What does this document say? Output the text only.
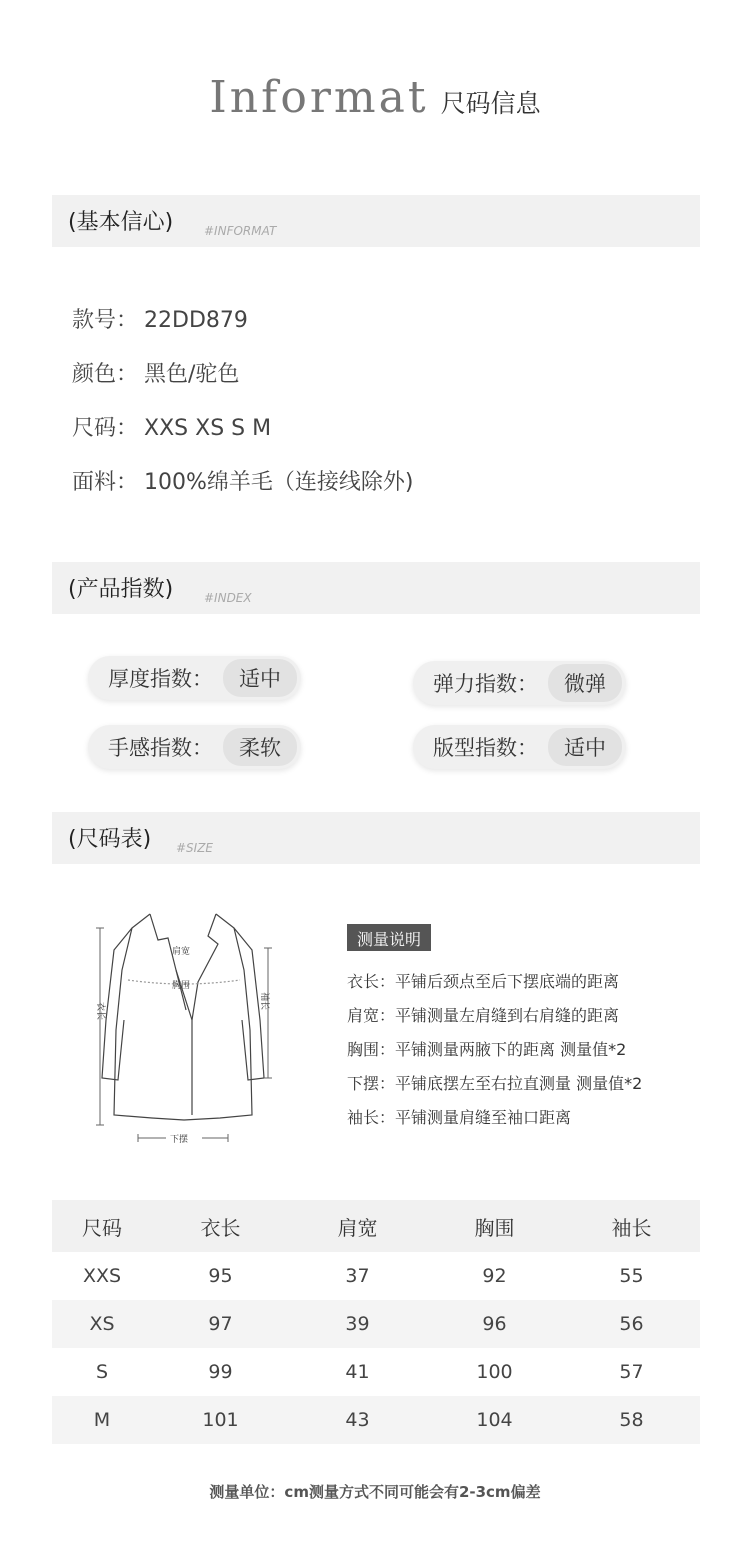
Informat 尺码信息
(基本信心)	#INFORMAT
款号： 22DD879
颜色： 黑色/驼色
尺码： XXS XS S M
面料： 100%绵羊毛（连接线除外)
(产品指数)	#INDEX
厚度指数：	适中	弹力指数：	微弹
手感指数：	柔软	版型指数：	适中
(尺码表) #SIZE
肩宽
胸围
下摆
衣长
袖长
测量说明
衣长：平铺后颈点至后下摆底端的距离
肩宽：平铺测量左肩缝到右肩缝的距离
胸围：平铺测量两腋下的距离 测量值*2
下摆：平铺底摆左至右拉直测量 测量值*2
袖长：平铺测量肩缝至袖口距离
尺码	衣长	肩宽	胸围	袖长
XXS	95	37	92	55
XS	97	39	96	56
S	99	41	100	57
M	101	43	104	58
测量单位：cm测量方式不同可能会有2-3cm偏差
